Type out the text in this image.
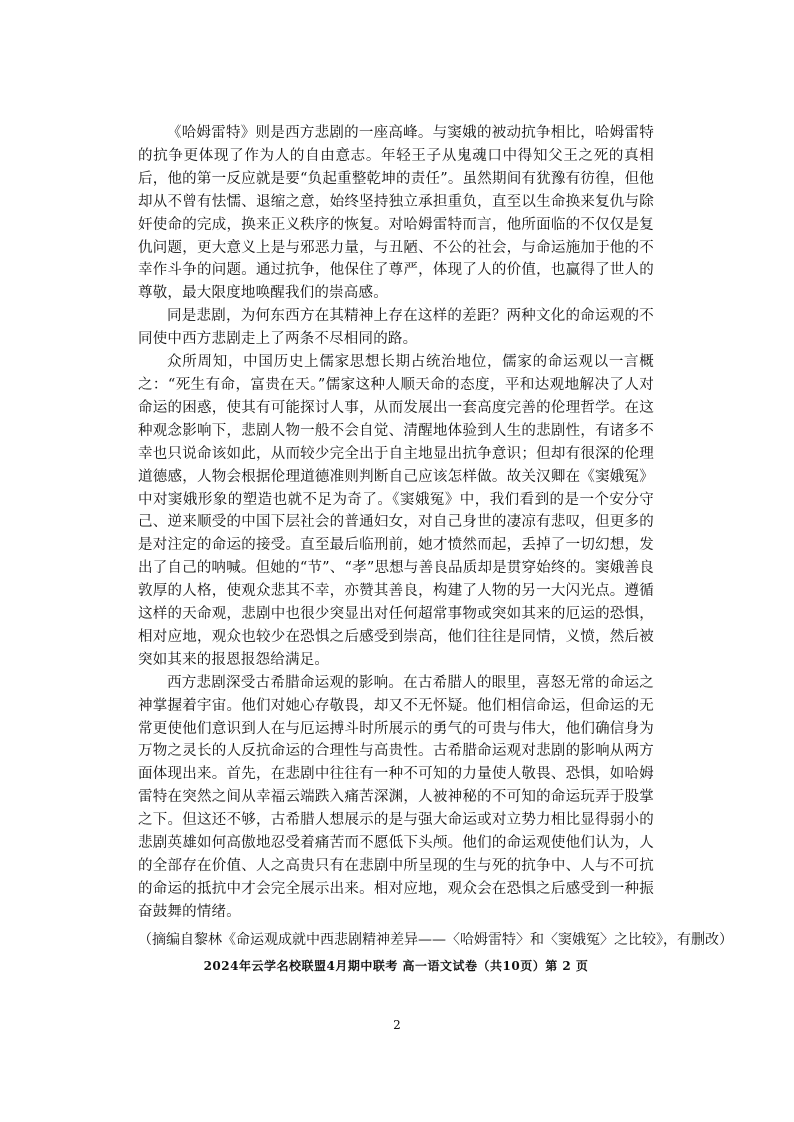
《哈姆雷特》则是西方悲剧的一座高峰。与窦娥的被动抗争相比，哈姆雷特的抗争更体现了作为人的自由意志。年轻王子从鬼魂口中得知父王之死的真相后，他的第一反应就是要“负起重整乾坤的责任”。虽然期间有犹豫有彷徨，但他却从不曾有怯懦、退缩之意，始终坚持独立承担重负，直至以生命换来复仇与除奸使命的完成，换来正义秩序的恢复。对哈姆雷特而言，他所面临的不仅仅是复仇问题，更大意义上是与邪恶力量，与丑陋、不公的社会，与命运施加于他的不幸作斗争的问题。通过抗争，他保住了尊严，体现了人的价值，也赢得了世人的尊敬，最大限度地唤醒我们的崇高感。

同是悲剧，为何东西方在其精神上存在这样的差距？两种文化的命运观的不同使中西方悲剧走上了两条不尽相同的路。

众所周知，中国历史上儒家思想长期占统治地位，儒家的命运观以一言概之：“死生有命，富贵在天。”儒家这种人顺天命的态度，平和达观地解决了人对命运的困惑，使其有可能探讨人事，从而发展出一套高度完善的伦理哲学。在这种观念影响下，悲剧人物一般不会自觉、清醒地体验到人生的悲剧性，有诸多不幸也只说命该如此，从而较少完全出于自主地显出抗争意识；但却有很深的伦理道德感，人物会根据伦理道德准则判断自己应该怎样做。故关汉卿在《窦娥冤》中对窦娥形象的塑造也就不足为奇了。《窦娥冤》中，我们看到的是一个安分守己、逆来顺受的中国下层社会的普通妇女，对自己身世的凄凉有悲叹，但更多的是对注定的命运的接受。直至最后临刑前，她才愤然而起，丢掉了一切幻想，发出了自己的呐喊。但她的“节”、“孝”思想与善良品质却是贯穿始终的。窦娥善良敦厚的人格，使观众悲其不幸，亦赞其善良，构建了人物的另一大闪光点。遵循这样的天命观，悲剧中也很少突显出对任何超常事物或突如其来的厄运的恐惧，相对应地，观众也较少在恐惧之后感受到崇高，他们往往是同情，义愤，然后被突如其来的报恩报怨给满足。

西方悲剧深受古希腊命运观的影响。在古希腊人的眼里，喜怒无常的命运之神掌握着宇宙。他们对她心存敬畏，却又不无怀疑。他们相信命运，但命运的无常更使他们意识到人在与厄运搏斗时所展示的勇气的可贵与伟大，他们确信身为万物之灵长的人反抗命运的合理性与高贵性。古希腊命运观对悲剧的影响从两方面体现出来。首先，在悲剧中往往有一种不可知的力量使人敬畏、恐惧，如哈姆雷特在突然之间从幸福云端跌入痛苦深渊，人被神秘的不可知的命运玩弄于股掌之下。但这还不够，古希腊人想展示的是与强大命运或对立势力相比显得弱小的悲剧英雄如何高傲地忍受着痛苦而不愿低下头颅。他们的命运观使他们认为，人的全部存在价值、人之高贵只有在悲剧中所呈现的生与死的抗争中、人与不可抗的命运的抵抗中才会完全展示出来。相对应地，观众会在恐惧之后感受到一种振奋鼓舞的情绪。

（摘编自黎林《命运观成就中西悲剧精神差异——〈哈姆雷特〉和〈窦娥冤〉之比较》，有删改）

2024年云学名校联盟4月期中联考 高一语文试卷（共10页）第 2 页

2
